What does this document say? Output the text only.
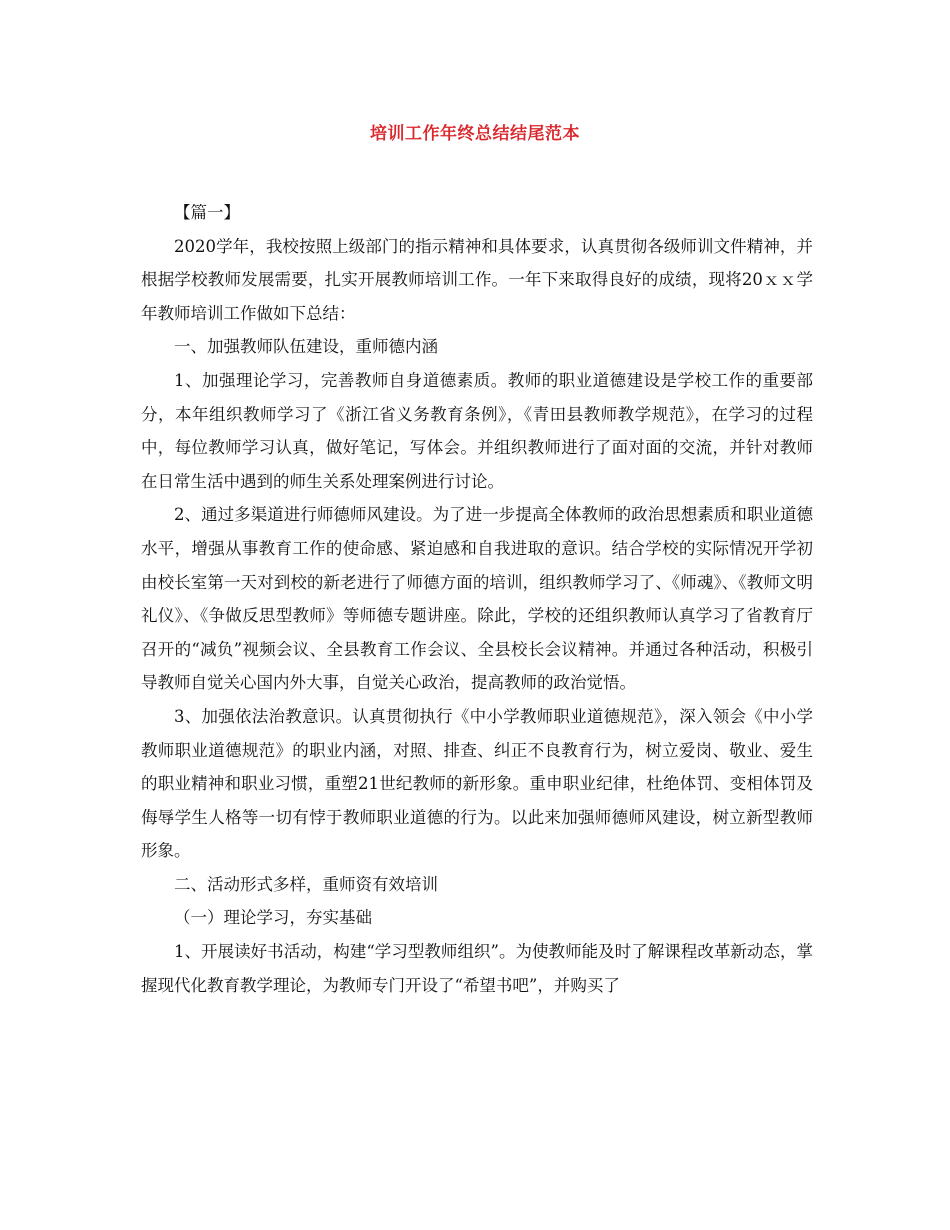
培训工作年终总结结尾范本

【篇一】

2020学年，我校按照上级部门的指示精神和具体要求，认真贯彻各级师训文件精神，并根据学校教师发展需要，扎实开展教师培训工作。一年下来取得良好的成绩，现将20ｘｘ学年教师培训工作做如下总结：

一、加强教师队伍建设，重师德内涵

1、加强理论学习，完善教师自身道德素质。教师的职业道德建设是学校工作的重要部分，本年组织教师学习了《浙江省义务教育条例》，《青田县教师教学规范》，在学习的过程中，每位教师学习认真，做好笔记，写体会。并组织教师进行了面对面的交流，并针对教师在日常生活中遇到的师生关系处理案例进行讨论。

2、通过多渠道进行师德师风建设。为了进一步提高全体教师的政治思想素质和职业道德水平，增强从事教育工作的使命感、紧迫感和自我进取的意识。结合学校的实际情况开学初由校长室第一天对到校的新老进行了师德方面的培训，组织教师学习了、《师魂》、《教师文明礼仪》、《争做反思型教师》等师德专题讲座。除此，学校的还组织教师认真学习了省教育厅召开的“减负”视频会议、全县教育工作会议、全县校长会议精神。并通过各种活动，积极引导教师自觉关心国内外大事，自觉关心政治，提高教师的政治觉悟。

3、加强依法治教意识。认真贯彻执行《中小学教师职业道德规范》，深入领会《中小学教师职业道德规范》的职业内涵，对照、排查、纠正不良教育行为，树立爱岗、敬业、爱生的职业精神和职业习惯，重塑21世纪教师的新形象。重申职业纪律，杜绝体罚、变相体罚及侮辱学生人格等一切有悖于教师职业道德的行为。以此来加强师德师风建设，树立新型教师形象。

二、活动形式多样，重师资有效培训

（一）理论学习，夯实基础

1、开展读好书活动，构建“学习型教师组织”。为使教师能及时了解课程改革新动态，掌握现代化教育教学理论，为教师专门开设了“希望书吧”，并购买了
